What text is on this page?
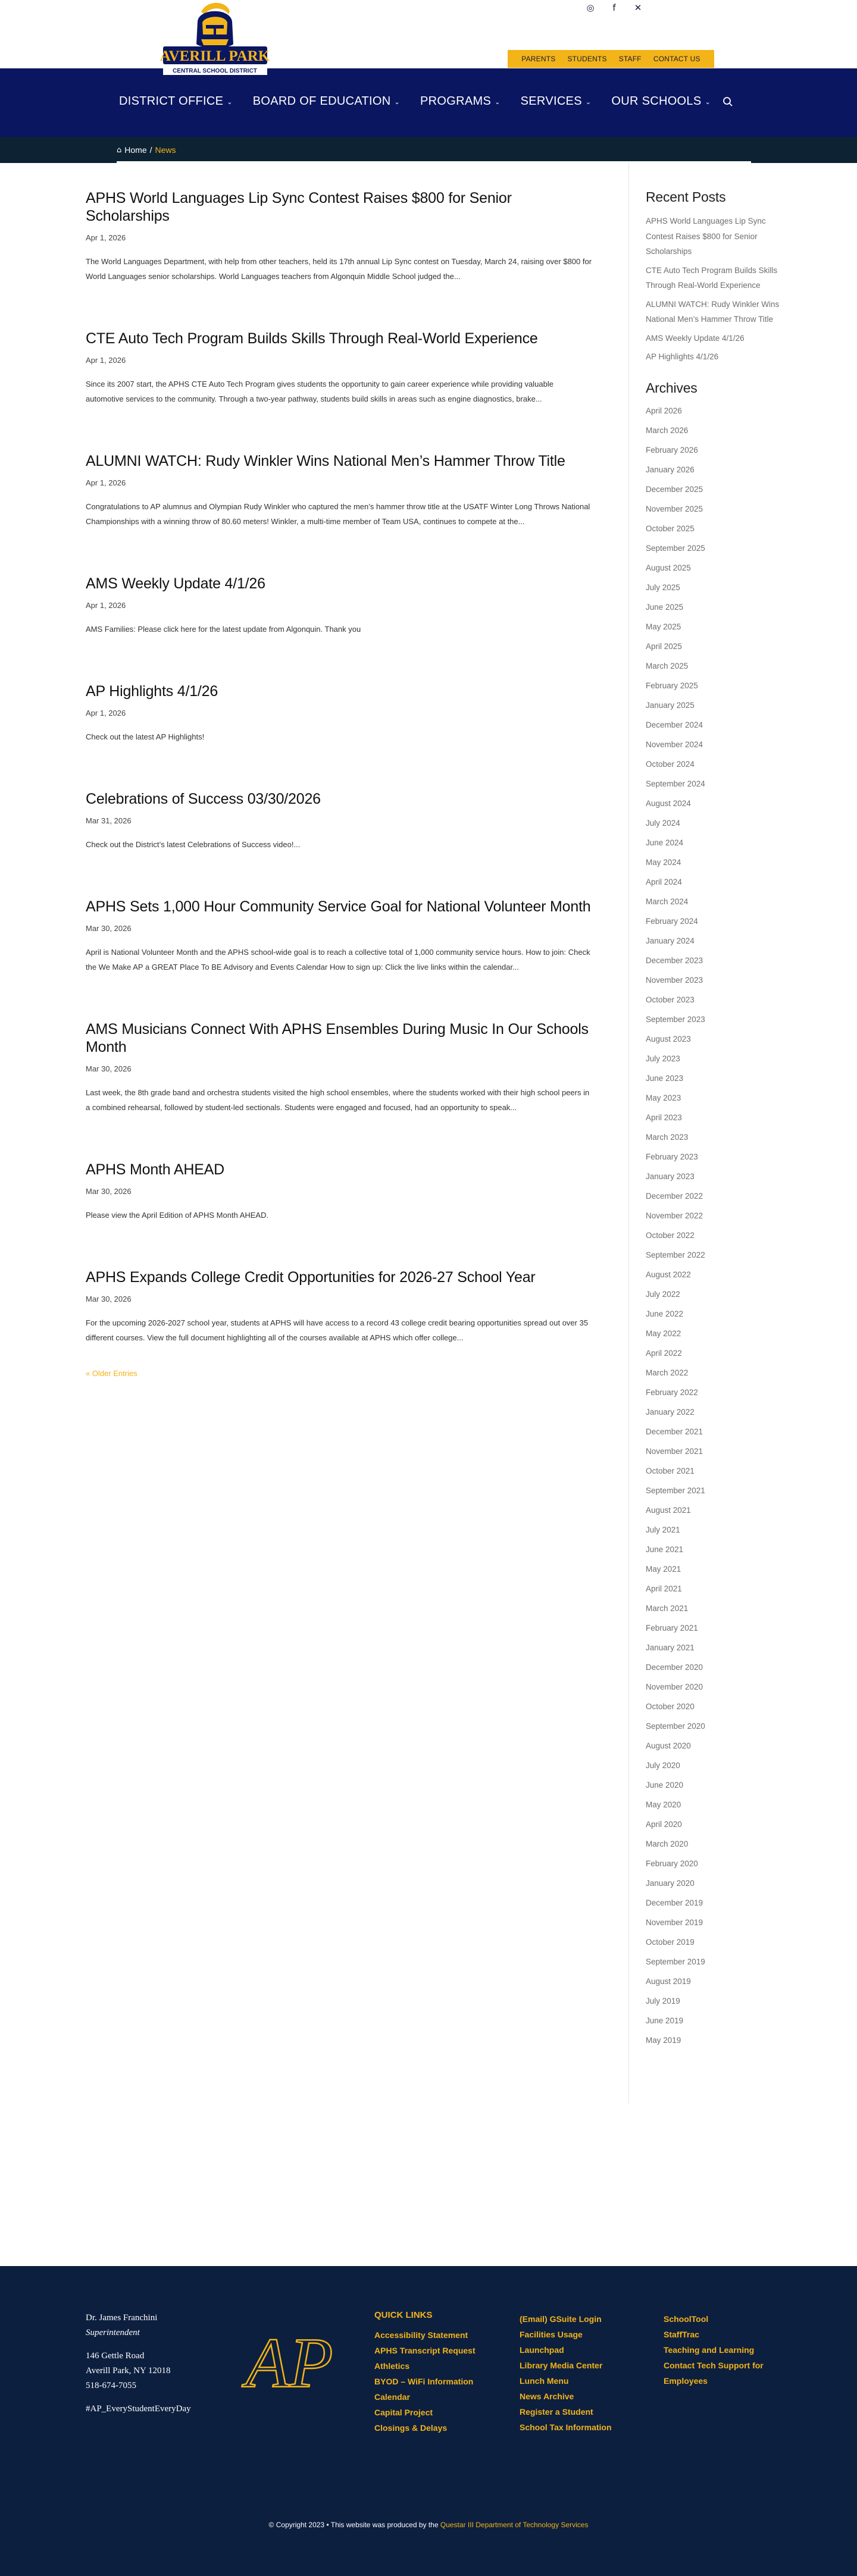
AVERILL PARK
CENTRAL SCHOOL DISTRICT
◎	f	✕
PARENTS STUDENTS STAFF CONTACT US
DISTRICT OFFICE ⌄ BOARD OF EDUCATION ⌄ PROGRAMS ⌄ SERVICES ⌄ OUR SCHOOLS ⌄
⌂ Home / News
APHS World Languages Lip Sync Contest Raises $800 for Senior Scholarships
Apr 1, 2026
The World Languages Department, with help from other teachers, held its 17th annual Lip Sync contest on Tuesday, March 24, raising over $800 for World Languages senior scholarships. World Languages teachers from Algonquin Middle School judged the...
CTE Auto Tech Program Builds Skills Through Real-World Experience
Apr 1, 2026
Since its 2007 start, the APHS CTE Auto Tech Program gives students the opportunity to gain career experience while providing valuable automotive services to the community. Through a two-year pathway, students build skills in areas such as engine diagnostics, brake...
ALUMNI WATCH: Rudy Winkler Wins National Men’s Hammer Throw Title
Apr 1, 2026
Congratulations to AP alumnus and Olympian Rudy Winkler who captured the men’s hammer throw title at the USATF Winter Long Throws National Championships with a winning throw of 80.60 meters! Winkler, a multi-time member of Team USA, continues to compete at the...
AMS Weekly Update 4/1/26
Apr 1, 2026
AMS Families: Please click here for the latest update from Algonquin. Thank you
AP Highlights 4/1/26
Apr 1, 2026
Check out the latest AP Highlights!
Celebrations of Success 03/30/2026
Mar 31, 2026
Check out the District’s latest Celebrations of Success video!...
APHS Sets 1,000 Hour Community Service Goal for National Volunteer Month
Mar 30, 2026
April is National Volunteer Month and the APHS school-wide goal is to reach a collective total of 1,000 community service hours. How to join: Check the We Make AP a GREAT Place To BE Advisory and Events Calendar How to sign up: Click the live links within the calendar...
AMS Musicians Connect With APHS Ensembles During Music In Our Schools Month
Mar 30, 2026
Last week, the 8th grade band and orchestra students visited the high school ensembles, where the students worked with their high school peers in a combined rehearsal, followed by student-led sectionals. Students were engaged and focused, had an opportunity to speak...
APHS Month AHEAD
Mar 30, 2026
Please view the April Edition of APHS Month AHEAD.
APHS Expands College Credit Opportunities for 2026-27 School Year
Mar 30, 2026
For the upcoming 2026-2027 school year, students at APHS will have access to a record 43 college credit bearing opportunities spread out over 35 different courses. View the full document highlighting all of the courses available at APHS which offer college...
« Older Entries
Recent Posts
APHS World Languages Lip Sync Contest Raises $800 for Senior Scholarships
CTE Auto Tech Program Builds Skills Through Real-World Experience
ALUMNI WATCH: Rudy Winkler Wins National Men’s Hammer Throw Title
AMS Weekly Update 4/1/26
AP Highlights 4/1/26
Archives
April 2026
March 2026
February 2026
January 2026
December 2025
November 2025
October 2025
September 2025
August 2025
July 2025
June 2025
May 2025
April 2025
March 2025
February 2025
January 2025
December 2024
November 2024
October 2024
September 2024
August 2024
July 2024
June 2024
May 2024
April 2024
March 2024
February 2024
January 2024
December 2023
November 2023
October 2023
September 2023
August 2023
July 2023
June 2023
May 2023
April 2023
March 2023
February 2023
January 2023
December 2022
November 2022
October 2022
September 2022
August 2022
July 2022
June 2022
May 2022
April 2022
March 2022
February 2022
January 2022
December 2021
November 2021
October 2021
September 2021
August 2021
July 2021
June 2021
May 2021
April 2021
March 2021
February 2021
January 2021
December 2020
November 2020
October 2020
September 2020
August 2020
July 2020
June 2020
May 2020
April 2020
March 2020
February 2020
January 2020
December 2019
November 2019
October 2019
September 2019
August 2019
July 2019
June 2019
May 2019
Dr. James Franchini
Superintendent
146 Gettle Road
Averill Park, NY 12018
518-674-7055
#AP_EveryStudentEveryDay
AP
QUICK LINKS
Accessibility Statement
APHS Transcript Request
Athletics
BYOD – WiFi Information
Calendar
Capital Project
Closings & Delays
(Email) GSuite Login
Facilities Usage
Launchpad
Library Media Center
Lunch Menu
News Archive
Register a Student
School Tax Information
SchoolTool
StaffTrac
Teaching and Learning
Contact Tech Support for Employees
© Copyright 2023 • This website was produced by the Questar III Department of Technology Services
